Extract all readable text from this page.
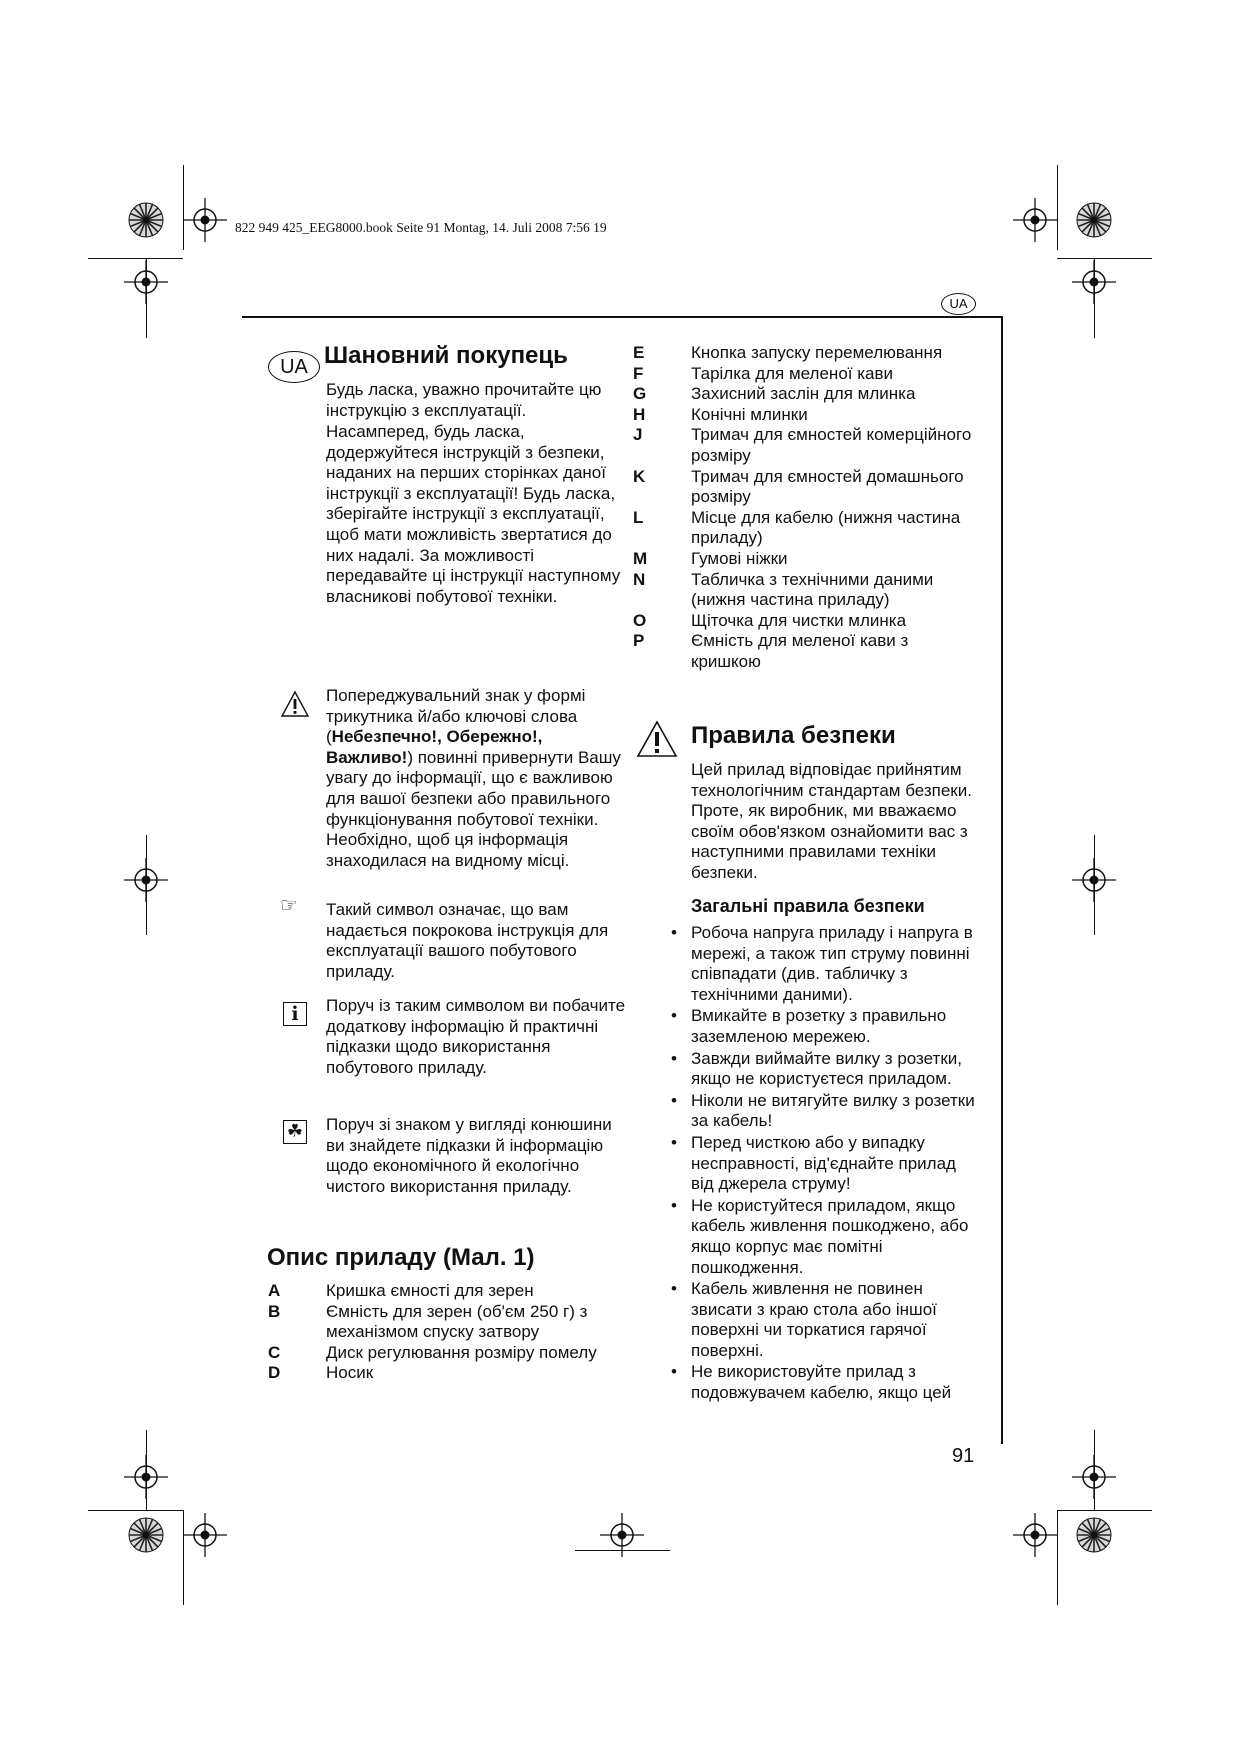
822 949 425_EEG8000.book Seite 91 Montag, 14. Juli 2008 7:56 19
UA
UA Шановний покупець
Будь ласка, уважно прочитайте цю інструкцію з експлуатації.
Насамперед, будь ласка, додержуйтеся інструкцій з безпеки, наданих на перших сторінках даної інструкції з експлуатації! Будь ласка, зберігайте інструкції з експлуатації, щоб мати можливість звертатися до них надалі. За можливості передавайте ці інструкції наступному власникові побутової техніки.
Попереджувальний знак у формі трикутника й/або ключові слова (Небезпечно!, Обережно!, Важливо!) повинні привернути Вашу увагу до інформації, що є важливою для вашої безпеки або правильного функціонування побутової техніки. Необхідно, щоб ця інформація знаходилася на видному місці.
☞ Такий символ означає, що вам надається покрокова інструкція для експлуатації вашого побутового приладу.
i	Поруч із таким символом ви побачите додаткову інформацію й практичні підказки щодо використання побутового приладу.
☘ Поруч зі знаком у вигляді конюшини ви знайдете підказки й інформацію щодо економічного й екологічно чистого використання приладу.
Опис приладу (Мал. 1)
A	Кришка ємності для зерен
B	Ємність для зерен (об'єм 250 г) з механізмом спуску затвору
C	Диск регулювання розміру помелу
D	Носик
E	Кнопка запуску перемелювання
F	Тарілка для меленої кави
G	Захисний заслін для млинка
H	Конічні млинки
J	Тримач для ємностей комерційного розміру
K	Тримач для ємностей домашнього розміру
L	Місце для кабелю (нижня частина приладу)
M	Гумові ніжки
N	Табличка з технічними даними (нижня частина приладу)
O	Щіточка для чистки млинка
P	Ємність для меленої кави з кришкою
Правила безпеки
Цей прилад відповідає прийнятим технологічним стандартам безпеки. Проте, як виробник, ми вважаємо своїм обов'язком ознайомити вас з наступними правилами техніки безпеки.
Загальні правила безпеки
• Робоча напруга приладу і напруга в мережі, а також тип струму повинні співпадати (див. табличку з технічними даними).
• Вмикайте в розетку з правильно заземленою мережею.
• Завжди виймайте вилку з розетки, якщо не користуєтеся приладом.
• Ніколи не витягуйте вилку з розетки за кабель!
• Перед чисткою або у випадку несправності, від'єднайте прилад від джерела струму!
• Не користуйтеся приладом, якщо кабель живлення пошкоджено, або якщо корпус має помітні пошкодження.
• Кабель живлення не повинен звисати з краю стола або іншої поверхні чи торкатися гарячої поверхні.
• Не використовуйте прилад з подовжувачем кабелю, якщо цей
91
